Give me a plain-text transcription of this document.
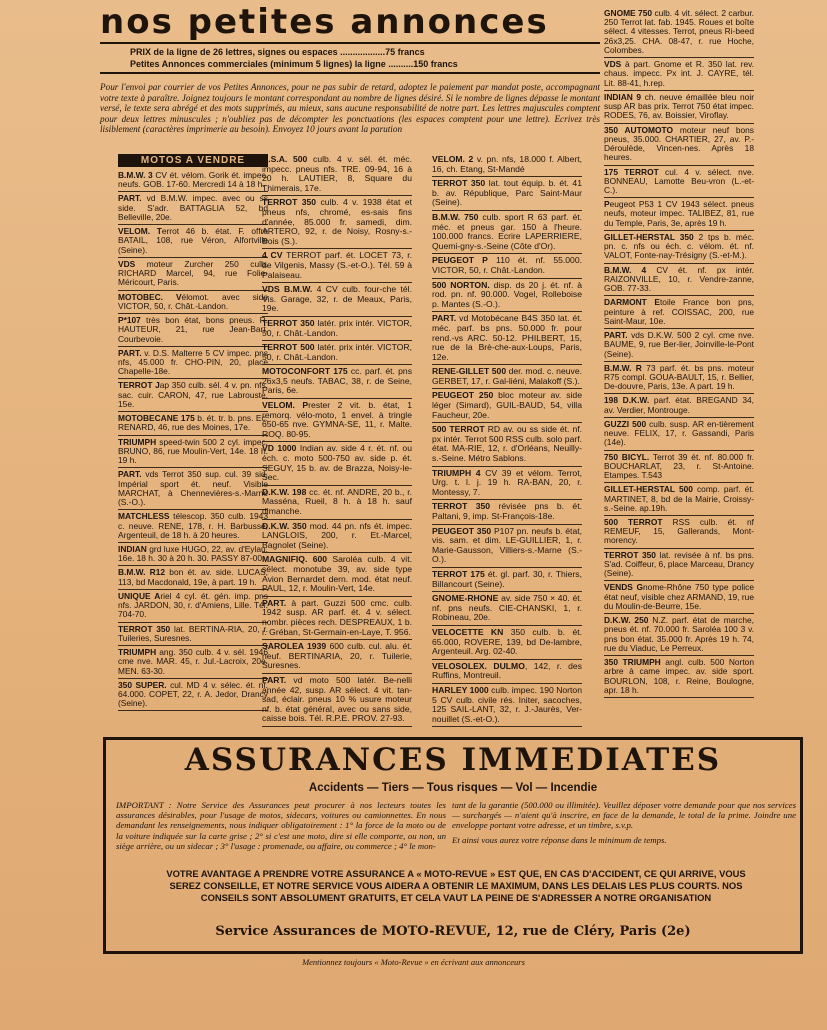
nos petites annonces
PRIX de la ligne de 26 lettres, signes ou espaces ..................75 francs
Petites Annonces commerciales (minimum 5 lignes) la ligne ..........150 francs
Pour l'envoi par courrier de vos Petites Annonces, pour ne pas subir de retard, adoptez le paiement par mandat poste, accompagnant votre texte à paraître. Joignez toujours le montant correspondant au nombre de lignes désiré. Si le nombre de lignes dépasse le montant versé, le texte sera abrégé et des mots supprimés, au mieux, sans aucune responsabilité de notre part. Les lettres majuscules comptent pour deux lettres minuscules ; n'oubliez pas de décompter les ponctuations (les espaces comptent pour une lettre). Ecrivez très lisiblement (caractères imprimerie au besoin). Envoyez 10 jours avant la parution
MOTOS A VENDRE
B.M.W. 3 CV ét. vélom. Gorik ét. impec. neufs. GOB. 17-60. Mercredi 14 à 18 h.
PART. vd B.M.W. impec. avec ou ss side. S'adr. BATTAGLIA 52, bd Belleville, 20e.
VELOM. Terrot 46 b. état. F. offre BATAIL, 108, rue Véron, Alfortville (Seine).
VDS moteur Zurcher 250 culb. RICHARD Marcel, 94, rue Folie-Méricourt, Paris.
MOTOBEC. Vélomot. avec side VICTOR, 50, r. Chât.-Landon.
P*107 très bon état, bons pneus. R. HAUTEUR, 21, rue Jean-Bart, Courbevoie.
PART. v. D.S. Malterre 5 CV impec. pns nfs, 45.000 fr. CHO-PIN, 20, place Chapelle-18e.
TERROT Jap 350 culb. sél. 4 v. pn. nfs, sac. cuir. CARON, 47, rue Labrouste, 15e.
MOTOBECANE 175 b. ét. tr. b. pns. Ec. RENARD, 46, rue des Moines, 17e.
TRIUMPH speed-twin 500 2 cyl. impec. BRUNO, 86, rue Moulin-Vert, 14e. 18 h. 19 h.
PART. vds Terrot 350 sup. cul. 39 sid. Impérial sport ét. neuf. Visible MARCHAT, à Chennevières-s.-Marne (S.-O.).
MATCHLESS télescop. 350 culb. 1943 c. neuve. RENE, 178, r. H. Barbusse, Argenteuil, de 18 h. à 20 heures.
INDIAN grd luxe HUGO, 22, av. d'Eylau, 16e. 18 h. 30 à 20 h. 30. PASSY 87-00.
B.M.W. R12 bon ét. av. side. LUCAS, 113, bd Macdonald, 19e, à part. 19 h.
UNIQUE Ariel 4 cyl. ét. gén. imp. pns nfs. JARDON, 30, r. d'Amiens, Lille. Tél. 704-70.
TERROT 350 lat. BERTINA-RIA, 20, r. Tuileries, Suresnes.
TRIUMPH ang. 350 culb. 4 v. sél. 1946 cme nve. MAR. 45, r. Jul.-Lacroix, 20e. MEN. 63-30.
350 SUPER. cul. MD 4 v. sélec. ét. nf. 64.000. COPET, 22, r. A. Jedor, Drancy (Seine).
B.S.A. 500 culb. 4 v. sél. ét. méc. impecc. pneus nfs. TRE. 09-94, 16 à 20 h. LAUTIER, 8, Square du Thimerais, 17e.
TERROT 350 culb. 4 v. 1938 état et pneus nfs, chromé, es-sais fins d'année, 85.000 fr. samedi, dim. ARTERO, 92, r. de Noisy, Rosny-s.-Bois (S.).
4 CV TERROT parf. ét. LOCET 73, r. de Vilgenis, Massy (S.-et-O.). Tél. 59 à Palaiseau.
VDS B.M.W. 4 CV culb. four-che tél. Vis. Garage, 32, r. de Meaux, Paris, 19e.
TERROT 350 latér. prix intér. VICTOR, 50, r. Chât.-Landon.
TERROT 500 latér. prix intér. VICTOR, 50, r. Chât.-Landon.
MOTOCONFORT 175 cc. parf. ét. pns 26x3,5 neufs. TABAC, 38, r. de Seine, Paris, 6e.
VELOM. Prester 2 vit. b. état, 1 remorq. vélo-moto, 1 envel. à tringle 650-65 nve. GYMNA-SE, 11, r. Malte. ROQ. 80-95.
VD 1000 Indian av. side 4 r. ét. nf. ou éch. c. moto 500-750 av. side p. ét. SEGUY, 15 b. av. de Brazza, Noisy-le-Sec.
D.K.W. 198 cc. ét. nf. ANDRE, 20 b., r. Masséna, Rueil, 8 h. à 18 h. sauf dimanche.
D.K.W. 350 mod. 44 pn. nfs ét. impec. LANGLOIS, 200, r. Et.-Marcel, Bagnolet (Seine).
MAGNIFIQ. 600 Saroléa culb. 4 vit. sélect. monotube 39, av. side type Avion Bernardet dern. mod. état neuf. PAUL, 12, r. Moulin-Vert, 14e.
PART. à part. Guzzi 500 cmc. culb. 1942 susp. AR parf. ét. 4 v. sélect. nombr. pièces rech. DESPREAUX, 1 b. r. Gréban, St-Germain-en-Laye, T. 956.
SAROLEA 1939 600 culb. cul. alu. ét. neuf. BERTINARIA, 20, r. Tuilerie, Suresnes.
PART. vd moto 500 latér. Be-nelli année 42, susp. AR sélect. 4 vit. tan-sad, éclair. pneus 10 % usure moteur nf. b. état général, avec ou sans side, caisse bois. Tél. R.P.E. PROV. 27-93.
VELOM. 2 v. pn. nfs, 18.000 f. Albert, 16, ch. Etang, St-Mandé
TERROT 350 lat. tout équip. b. ét. 41 b. av. République, Parc Saint-Maur (Seine).
B.M.W. 750 culb. sport R 63 parf. ét. méc. et pneus gar. 150 à l'heure. 100.000 francs. Ecrire LAPERRIERE, Quemi-gny-s.-Seine (Côte d'Or).
PEUGEOT P 110 ét. nf. 55.000. VICTOR, 50, r. Chât.-Landon.
500 NORTON. disp. ds 20 j. ét. nf. à rod. pn. nf. 90.000. Vogel, Rolleboise p. Mantes (S.-O.).
PART. vd Motobécane B4S 350 lat. ét. méc. parf. bs pns. 50.000 fr. pour rend.-vs ARC. 50-12. PHILBERT, 15, rue de la Brè-che-aux-Loups, Paris, 12e.
RENE-GILLET 500 der. mod. c. neuve. GERBET, 17, r. Gal-liéni, Malakoff (S.).
PEUGEOT 250 bloc moteur av. side léger (Simard), GUIL-BAUD, 54, villa Faucheur, 20e.
500 TERROT RD av. ou ss side ét. nf. px intér. Terrot 500 RSS culb. solo parf. état. MA-RIE, 12, r. d'Orléans, Neuilly-s.-Seine. Métro Sablons.
TRIUMPH 4 CV 39 et vélom. Terrot, Urg. t. l. j. 19 h. RA-BAN, 20, r. Montessy, 7.
TERROT 350 révisée pns b. ét. Paltani, 9, imp. St-François-18e.
PEUGEOT 350 P107 pn. neufs b. état, vis. sam. et dim. LE-GUILLIER, 1, r. Marie-Gausson, Villiers-s.-Marne (S.-O.).
TERROT 175 ét. gl. parf. 30, r. Thiers, Billancourt (Seine).
GNOME-RHONE av. side 750 × 40. ét. nf. pns neufs. CIE-CHANSKI, 1, r. Robineau, 20e.
VELOCETTE KN 350 culb. b. ét. 65.000, ROVERE, 139, bd De-lambre, Argenteuil. Arg. 02-40.
VELOSOLEX. DULMO, 142, r. des Ruffins, Montreuil.
HARLEY 1000 culb. impec. 190 Norton 5 CV culb. civile rés. Initer, sacoches, 125 SAIL-LANT, 32, r. J.-Jaurès, Ver-nouillet (S.-et-O.).
GNOME 750 culb. 4 vit. sélect. 2 carbur. 250 Terrot lat. fab. 1945. Roues et boîte sélect. 4 vitesses. Terrot, pneus Ri-beed 26x3,25. CHA. 08-47, r. rue Hoche, Colombes.
VDS à part. Gnome et R. 350 lat. rev. chaus. impecc. Px int. J. CAYRE, tél. Lit. 88-41, h.rep.
INDIAN 9 ch. neuve émaillée bleu noir susp AR bas prix. Terrot 750 état impec. RODES, 76, av. Boissier, Viroflay.
350 AUTOMOTO moteur neuf bons pneus, 35.000. CHARTIER, 27, av. P.-Déroulède, Vincen-nes. Après 18 heures.
175 TERROT cul. 4 v. sélect. nve. BONNEAU, Lamotte Beu-vron (L.-et-C.).
Peugeot P53 1 CV 1943 sélect. pneus neufs, moteur impec. TALIBEZ, 81, rue du Temple, Paris, 3e, après 19 h.
GILLET-HERSTAL 350 2 tps b. méc. pn. c. nfs ou éch. c. vélom. ét. nf. VALOT, Fonte-nay-Trésigny (S.-et-M.).
B.M.W. 4 CV ét. nf. px intér. RAIZONVILLE, 10, r. Vendre-zanne, GOB. 77-33.
DARMONT Etoile France bon pns, peinture à ref. COISSAC, 200, rue Saint-Maur, 10e.
PART. vds D.K.W. 500 2 cyl. cme nve. BAUME, 9, rue Ber-lier, Joinville-le-Pont (Seine).
B.M.W. R 73 parf. ét. bs pns. moteur R75 compl. GOUA-BAULT, 15, r. Bellier, De-douvre, Paris, 13e. A part. 19 h.
198 D.K.W. parf. état. BREGAND 34, av. Verdier, Montrouge.
GUZZI 500 culb. susp. AR en-tièrement neuve. FELIX, 17, r. Gassandi, Paris (14e).
750 BICYL. Terrot 39 ét. nf. 80.000 fr. BOUCHARLAT, 23, r. St-Antoine. Etampes. T.543
GILLET-HERSTAL 500 comp. parf. ét. MARTINET, 8, bd de la Mairie, Croissy-s.-Seine. ap.19h.
500 TERROT RSS culb. ét. nf REMEUF, 15, Gallerands, Mont-morency.
TERROT 350 lat. revisée à nf. bs pns. S'ad. Coiffeur, 6, place Marceau, Drancy (Seine).
VENDS Gnome-Rhône 750 type police état neuf, visible chez ARMAND, 19, rue du Moulin-de-Beurre, 15e.
D.K.W. 250 N.Z. parf. état de marche, pneus ét. nf. 70.000 fr. Saroléa 100 3 v. pns bon état. 35.000 fr. Après 19 h. 74, rue du Viaduc, Le Perreux.
350 TRIUMPH angl. culb. 500 Norton arbre à came impec. av. side sport. BOURLON, 108, r. Reine, Boulogne, apr. 18 h.
ASSURANCES IMMEDIATES
Accidents — Tiers — Tous risques — Vol — Incendie
IMPORTANT : Notre Service des Assurances peut procurer à nos lecteurs toutes les assurances désirables, pour l'usage de motos, sidecars, voitures ou camionnettes. En nous demandant les renseignements, nous indiquer obligatoirement : 1° la force de la moto ou de la voiture indiquée sur la carte grise ; 2° si c'est une moto, dire si elle comporte, ou non, un siège arrière, ou un sidecar ; 3° l'usage : promenade, ou affaire, ou commerce ; 4° le mon-
tant de la garantie (500.000 ou illimitée). Veuillez déposer votre demande pour que nos services — surchargés — n'aient qu'à inscrire, en face de la demande, le total de la prime. Joindre une enveloppe portant votre adresse, et un timbre, s.v.p.
Et ainsi vous aurez votre réponse dans le minimum de temps.
VOTRE AVANTAGE A PRENDRE VOTRE ASSURANCE A « MOTO-REVUE » EST QUE, EN CAS D'ACCIDENT, CE QUI ARRIVE, VOUS SEREZ CONSEILLE, ET NOTRE SERVICE VOUS AIDERA A OBTENIR LE MAXIMUM, DANS LES DELAIS LES PLUS COURTS. NOS CONSEILS SONT ABSOLUMENT GRATUITS, ET CELA VAUT LA PEINE DE S'ADRESSER A NOTRE ORGANISATION
Service Assurances de MOTO-REVUE, 12, rue de Cléry, Paris (2e)
Mentionnez toujours « Moto-Revue » en écrivant aux annonceurs
